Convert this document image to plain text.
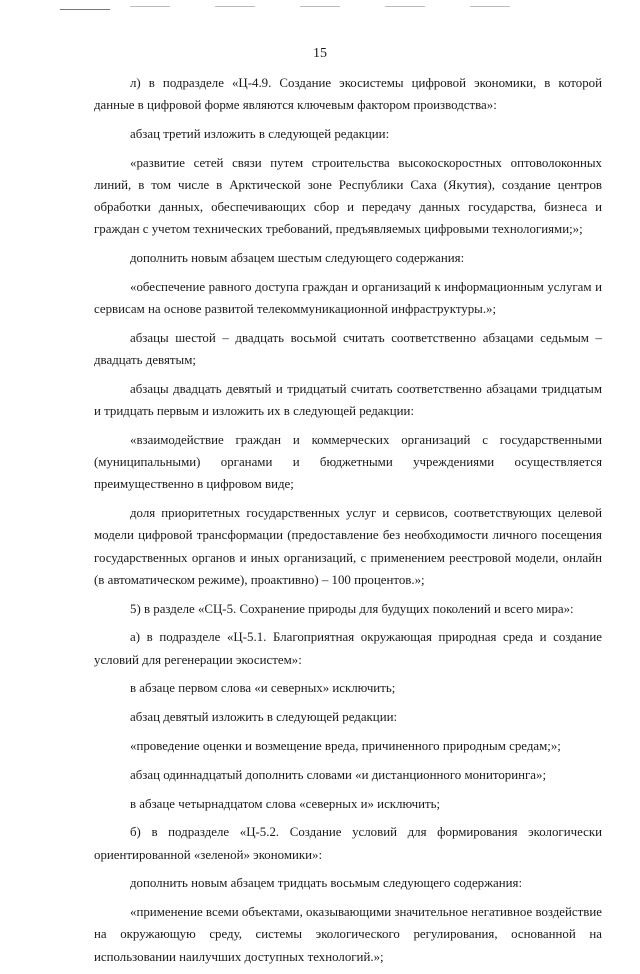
15

л) в подразделе «Ц-4.9. Создание экосистемы цифровой экономики, в которой данные в цифровой форме являются ключевым фактором производства»:

абзац третий изложить в следующей редакции:

«развитие сетей связи путем строительства высокоскоростных оптоволоконных линий, в том числе в Арктической зоне Республики Саха (Якутия), создание центров обработки данных, обеспечивающих сбор и передачу данных государства, бизнеса и граждан с учетом технических требований, предъявляемых цифровыми технологиями;»;

дополнить новым абзацем шестым следующего содержания:

«обеспечение равного доступа граждан и организаций к информационным услугам и сервисам на основе развитой телекоммуникационной инфраструктуры.»;

абзацы шестой – двадцать восьмой считать соответственно абзацами седьмым – двадцать девятым;

абзацы двадцать девятый и тридцатый считать соответственно абзацами тридцатым и тридцать первым и изложить их в следующей редакции:

«взаимодействие граждан и коммерческих организаций с государственными (муниципальными) органами и бюджетными учреждениями осуществляется преимущественно в цифровом виде;

доля приоритетных государственных услуг и сервисов, соответствующих целевой модели цифровой трансформации (предоставление без необходимости личного посещения государственных органов и иных организаций, с применением реестровой модели, онлайн (в автоматическом режиме), проактивно) – 100 процентов.»;

5) в разделе «СЦ-5. Сохранение природы для будущих поколений и всего мира»:

а) в подразделе «Ц-5.1. Благоприятная окружающая природная среда и создание условий для регенерации экосистем»:

в абзаце первом слова «и северных» исключить;

абзац девятый изложить в следующей редакции:

«проведение оценки и возмещение вреда, причиненного природным средам;»;

абзац одиннадцатый дополнить словами «и дистанционного мониторинга»;

в абзаце четырнадцатом слова «северных и» исключить;

б) в подразделе «Ц-5.2. Создание условий для формирования экологически ориентированной «зеленой» экономики»:

дополнить новым абзацем тридцать восьмым следующего содержания:

«применение всеми объектами, оказывающими значительное негативное воздействие на окружающую среду, системы экологического регулирования, основанной на использовании наилучших доступных технологий.»;
